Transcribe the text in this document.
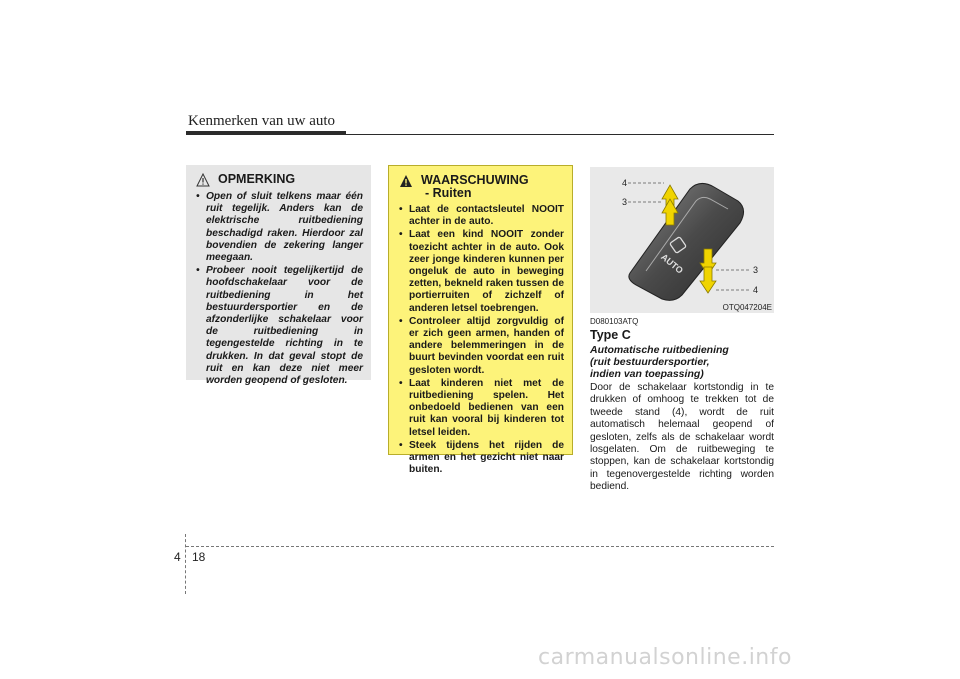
Kenmerken van uw auto
OPMERKING
• Open of sluit telkens maar één ruit tegelijk. Anders kan de elektrische ruitbediening beschadigd raken. Hierdoor zal bovendien de zekering langer meegaan.
• Probeer nooit tegelijkertijd de hoofdschakelaar voor de ruitbediening in het bestuurdersportier en de afzonderlijke schakelaar voor de ruitbediening in tegengestelde richting in te drukken. In dat geval stopt de ruit en kan deze niet meer worden geopend of gesloten.
WAARSCHUWING
- Ruiten
• Laat de contactsleutel NOOIT achter in de auto.
• Laat een kind NOOIT zonder toezicht achter in de auto. Ook zeer jonge kinderen kunnen per ongeluk de auto in beweging zetten, bekneld raken tussen de portierruiten of zichzelf of anderen letsel toebrengen.
• Controleer altijd zorgvuldig of er zich geen armen, handen of andere belemmeringen in de buurt bevinden voordat een ruit gesloten wordt.
• Laat kinderen niet met de ruitbediening spelen. Het onbedoeld bedienen van een ruit kan vooral bij kinderen tot letsel leiden.
• Steek tijdens het rijden de armen en het gezicht niet naar buiten.
AUTO
4
3
3
4
OTQ047204E
D080103ATQ
Type C
Automatische ruitbediening
(ruit bestuurdersportier,
indien van toepassing)
Door de schakelaar kortstondig in te drukken of omhoog te trekken tot de tweede stand (4), wordt de ruit automatisch helemaal geopend of gesloten, zelfs als de schakelaar wordt losgelaten. Om de ruitbeweging te stoppen, kan de schakelaar kortstondig in tegenovergestelde richting worden bediend.
4 18
carmanualsonline.info
